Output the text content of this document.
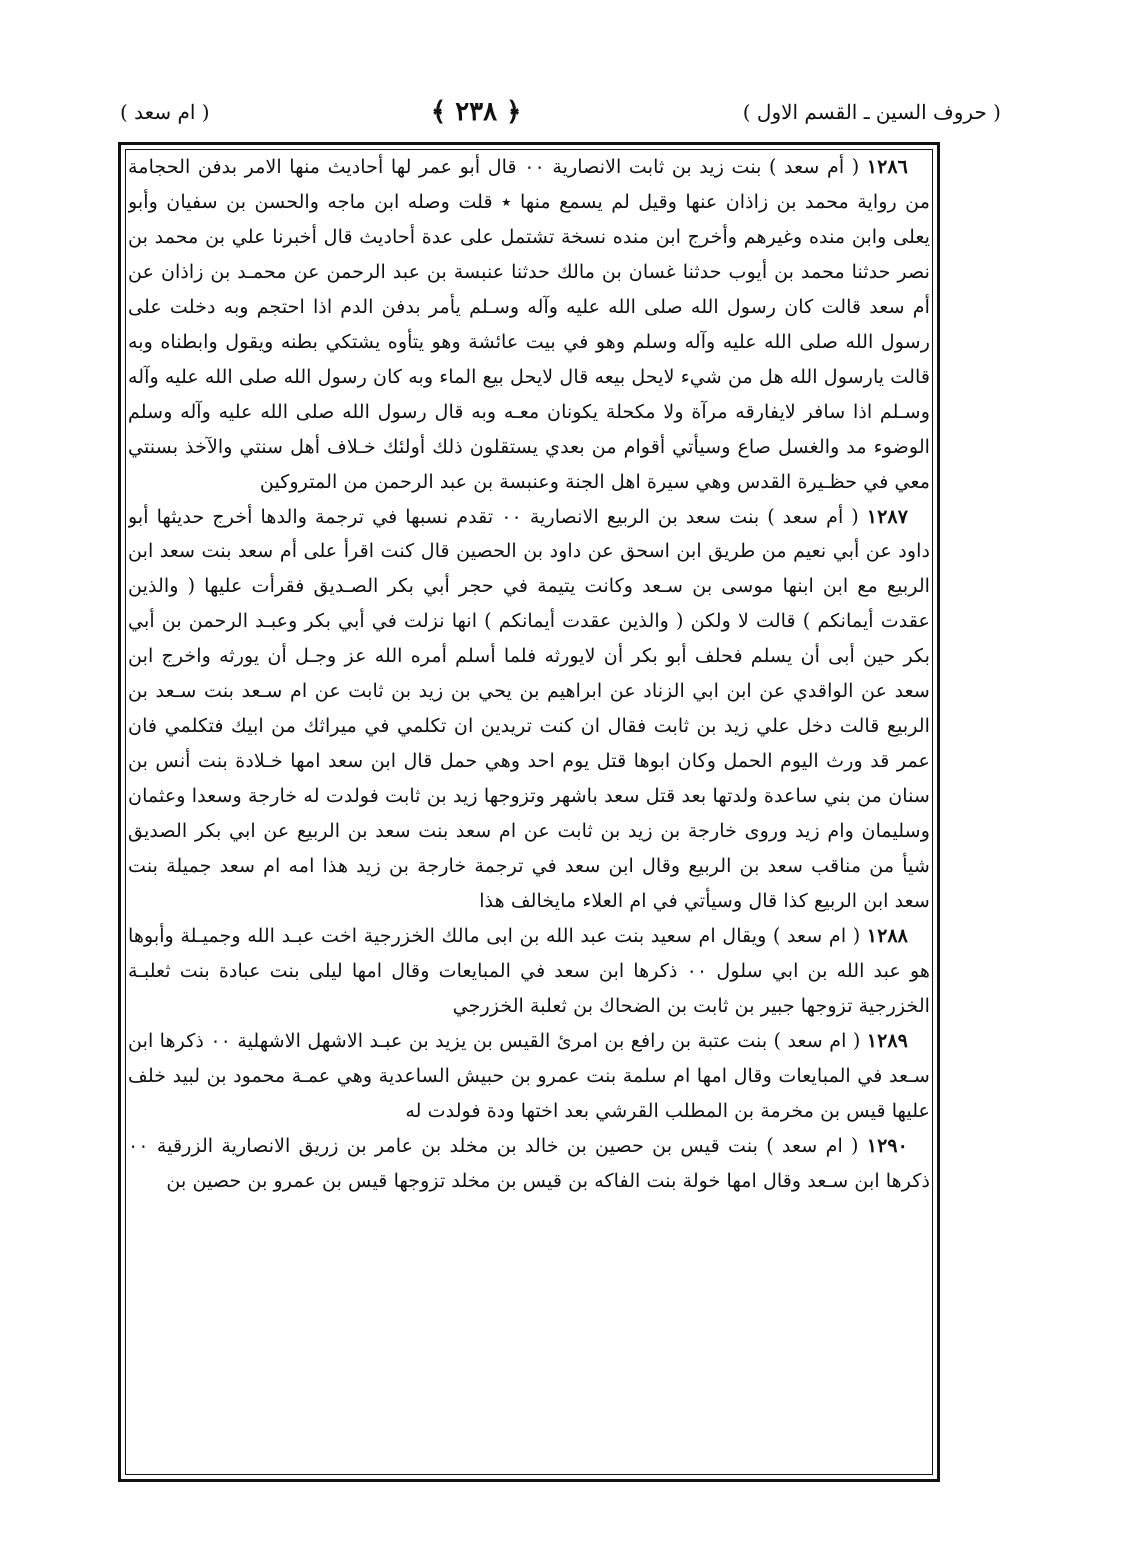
( حروف السين ـ القسم الاول )
﴿ ٢٣٨ ﴾
( ام سعد )

١٢٨٦ ( أم سعد ) بنت زيد بن ثابت الانصارية ٠٠ قال أبو عمر لها أحاديث منها الامر بدفن الحجامة من رواية محمد بن زاذان عنها وقيل لم يسمع منها ٭ قلت وصله ابن ماجه والحسن بن سفيان وأبو يعلى وابن منده وغيرهم وأخرج ابن منده نسخة تشتمل على عدة أحاديث قال أخبرنا علي بن محمد بن نصر حدثنا محمد بن أيوب حدثنا غسان بن مالك حدثنا عنبسة بن عبد الرحمن عن محمـد بن زاذان عن أم سعد قالت كان رسول الله صلى الله عليه وآله وسـلم يأمر بدفن الدم اذا احتجم وبه دخلت على رسول الله صلى الله عليه وآله وسلم وهو في بيت عائشة وهو يتأوه يشتكي بطنه ويقول وابطناه وبه قالت يارسول الله هل من شيء لايحل بيعه قال لايحل بيع الماء وبه كان رسول الله صلى الله عليه وآله وسـلم اذا سافر لايفارقه مرآة ولا مكحلة يكونان معـه وبه قال رسول الله صلى الله عليه وآله وسلم الوضوء مد والغسل صاع وسيأتي أقوام من بعدي يستقلون ذلك أولئك خـلاف أهل سنتي والآخذ بسنتي معي في حظـيرة القدس وهي سيرة اهل الجنة وعنبسة بن عبد الرحمن من المتروكين

١٢٨٧ ( أم سعد ) بنت سعد بن الربيع الانصارية ٠٠ تقدم نسبها في ترجمة والدها أخرج حديثها أبو داود عن أبي نعيم من طريق ابن اسحق عن داود بن الحصين قال كنت اقرأ على أم سعد بنت سعد ابن الربيع مع ابن ابنها موسى بن سـعد وكانت يتيمة في حجر أبي بكر الصـديق فقرأت عليها ( والذين عقدت أيمانكم ) قالت لا ولكن ( والذين عقدت أيمانكم ) انها نزلت في أبي بكر وعبـد الرحمن بن أبي بكر حين أبى أن يسلم فحلف أبو بكر أن لايورثه فلما أسلم أمره الله عز وجـل أن يورثه واخرج ابن سعد عن الواقدي عن ابن ابي الزناد عن ابراهيم بن يحي بن زيد بن ثابت عن ام سـعد بنت سـعد بن الربيع قالت دخل علي زيد بن ثابت فقال ان كنت تريدين ان تكلمي في ميراثك من ابيك فتكلمي فان عمر قد ورث اليوم الحمل وكان ابوها قتل يوم احد وهي حمل قال ابن سعد امها خـلادة بنت أنس بن سنان من بني ساعدة ولدتها بعد قتل سعد باشهر وتزوجها زيد بن ثابت فولدت له خارجة وسعدا وعثمان وسليمان وام زيد وروى خارجة بن زيد بن ثابت عن ام سعد بنت سعد بن الربيع عن ابي بكر الصديق شيأ من مناقب سعد بن الربيع وقال ابن سعد في ترجمة خارجة بن زيد هذا امه ام سعد جميلة بنت سعد ابن الربيع كذا قال وسيأتي في ام العلاء مايخالف هذا

١٢٨٨ ( ام سعد ) ويقال ام سعيد بنت عبد الله بن ابى مالك الخزرجية اخت عبـد الله وجميـلة وأبوها هو عبد الله بن ابي سلول ٠٠ ذكرها ابن سعد في المبايعات وقال امها ليلى بنت عبادة بنت ثعلبـة الخزرجية تزوجها جبير بن ثابت بن الضحاك بن ثعلبة الخزرجي

١٢٨٩ ( ام سعد ) بنت عتبة بن رافع بن امرئ القيس بن يزيد بن عبـد الاشهل الاشهلية ٠٠ ذكرها ابن سـعد في المبايعات وقال امها ام سلمة بنت عمرو بن حبيش الساعدية وهي عمـة محمود بن لبيد خلف عليها قيس بن مخرمة بن المطلب القرشي بعد اختها ودة فولدت له

١٢٩٠ ( ام سعد ) بنت قيس بن حصين بن خالد بن مخلد بن عامر بن زريق الانصارية الزرقية ٠٠ ذكرها ابن سـعد وقال امها خولة بنت الفاكه بن قيس بن مخلد تزوجها قيس بن عمرو بن حصين بن
